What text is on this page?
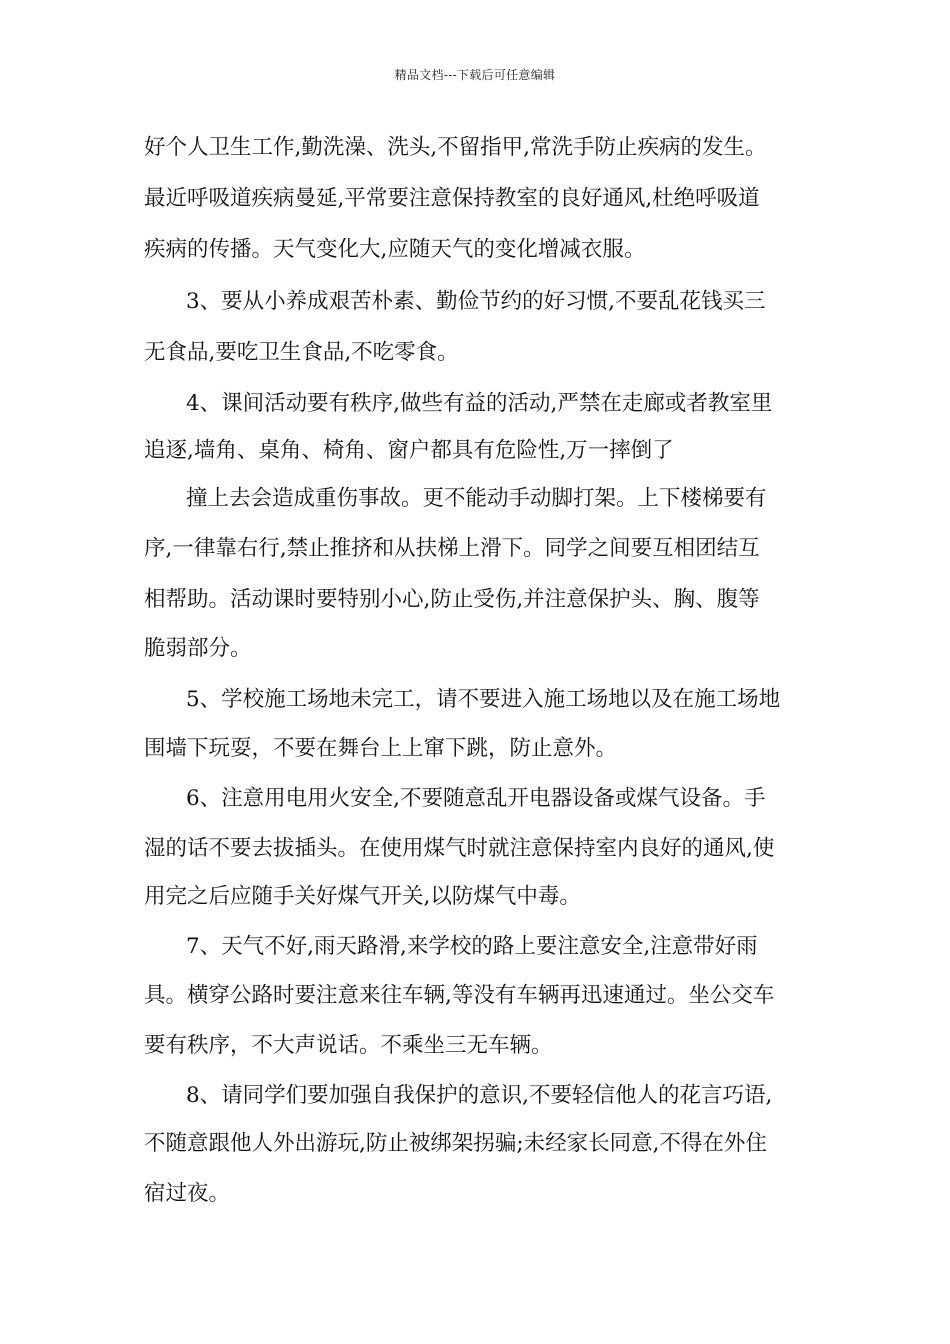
精品文档---下载后可任意编辑
好个人卫生工作,勤洗澡、洗头,不留指甲,常洗手防止疾病的发生。
最近呼吸道疾病曼延,平常要注意保持教室的良好通风,杜绝呼吸道
疾病的传播。天气变化大,应随天气的变化增减衣服。
3、要从小养成艰苦朴素、勤俭节约的好习惯,不要乱花钱买三
无食品,要吃卫生食品,不吃零食。
4、课间活动要有秩序,做些有益的活动,严禁在走廊或者教室里
追逐,墙角、桌角、椅角、窗户都具有危险性,万一摔倒了
撞上去会造成重伤事故。更不能动手动脚打架。上下楼梯要有
序,一律靠右行,禁止推挤和从扶梯上滑下。同学之间要互相团结互
相帮助。活动课时要特别小心,防止受伤,并注意保护头、胸、腹等
脆弱部分。
5、学校施工场地未完工，请不要进入施工场地以及在施工场地
围墙下玩耍，不要在舞台上上窜下跳，防止意外。
6、注意用电用火安全,不要随意乱开电器设备或煤气设备。手
湿的话不要去拔插头。在使用煤气时就注意保持室内良好的通风,使
用完之后应随手关好煤气开关,以防煤气中毒。
7、天气不好,雨天路滑,来学校的路上要注意安全,注意带好雨
具。横穿公路时要注意来往车辆,等没有车辆再迅速通过。坐公交车
要有秩序，不大声说话。不乘坐三无车辆。
8、请同学们要加强自我保护的意识,不要轻信他人的花言巧语,
不随意跟他人外出游玩,防止被绑架拐骗;未经家长同意,不得在外住
宿过夜。
